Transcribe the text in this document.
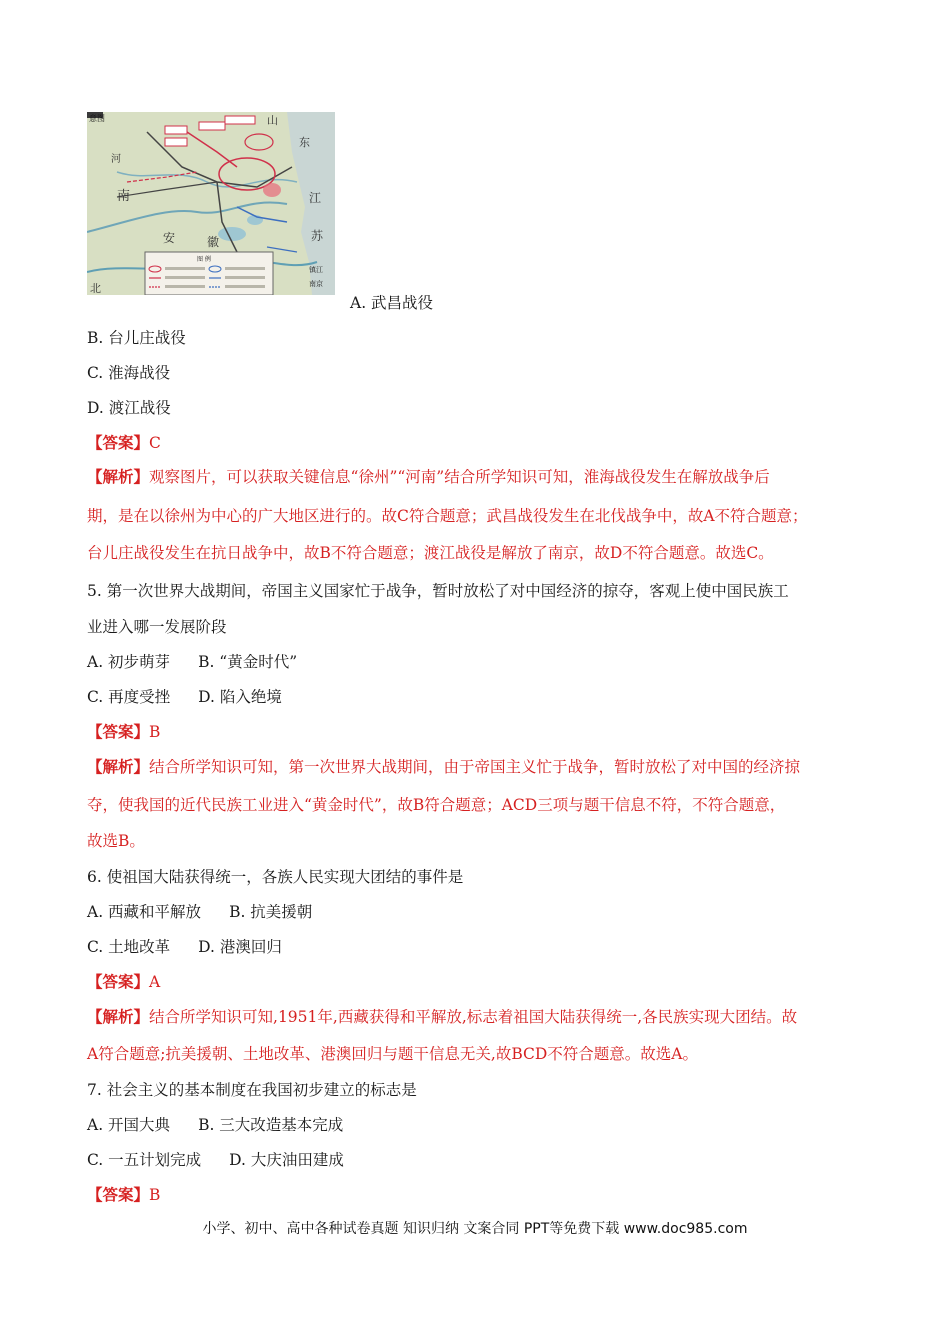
意图	山
东
河
南	江
苏
安	徽
北	南京
镇江
图 例
A. 武昌战役
B. 台儿庄战役
C. 淮海战役
D. 渡江战役
【答案】C
【解析】观察图片，可以获取关键信息“徐州”“河南”结合所学知识可知，淮海战役发生在解放战争后
期，是在以徐州为中心的广大地区进行的。故C符合题意；武昌战役发生在北伐战争中，故A不符合题意；
台儿庄战役发生在抗日战争中，故B不符合题意；渡江战役是解放了南京，故D不符合题意。故选C。
5. 第一次世界大战期间，帝国主义国家忙于战争，暂时放松了对中国经济的掠夺，客观上使中国民族工
业进入哪一发展阶段
A. 初步萌芽 B. “黄金时代”
C. 再度受挫 D. 陷入绝境
【答案】B
【解析】结合所学知识可知，第一次世界大战期间，由于帝国主义忙于战争，暂时放松了对中国的经济掠
夺，使我国的近代民族工业进入“黄金时代”，故B符合题意；ACD三项与题干信息不符，不符合题意，
故选B。
6. 使祖国大陆获得统一，各族人民实现大团结的事件是
A. 西藏和平解放 B. 抗美援朝
C. 土地改革 D. 港澳回归
【答案】A
【解析】结合所学知识可知,1951年,西藏获得和平解放,标志着祖国大陆获得统一,各民族实现大团结。故
A符合题意;抗美援朝、土地改革、港澳回归与题干信息无关,故BCD不符合题意。故选A。
7. 社会主义的基本制度在我国初步建立的标志是
A. 开国大典 B. 三大改造基本完成
C. 一五计划完成 D. 大庆油田建成
【答案】B
小学、初中、高中各种试卷真题 知识归纳 文案合同 PPT等免费下载 www.doc985.com
